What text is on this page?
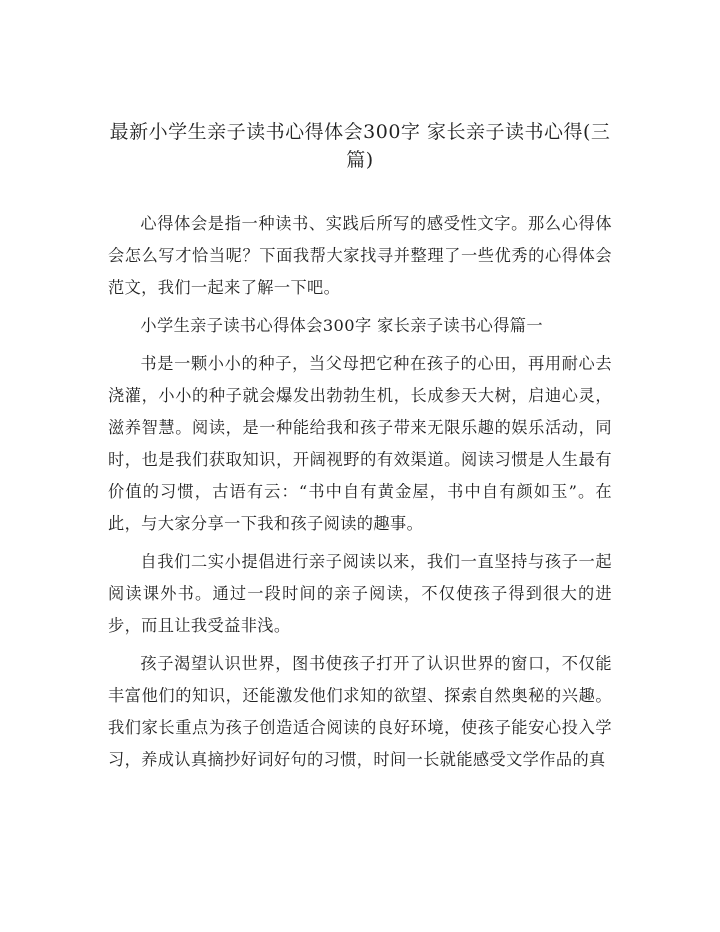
最新小学生亲子读书心得体会300字 家长亲子读书心得(三篇)

心得体会是指一种读书、实践后所写的感受性文字。那么心得体会怎么写才恰当呢？下面我帮大家找寻并整理了一些优秀的心得体会范文，我们一起来了解一下吧。

小学生亲子读书心得体会300字 家长亲子读书心得篇一

书是一颗小小的种子，当父母把它种在孩子的心田，再用耐心去浇灌，小小的种子就会爆发出勃勃生机，长成参天大树，启迪心灵，滋养智慧。阅读，是一种能给我和孩子带来无限乐趣的娱乐活动，同时，也是我们获取知识，开阔视野的有效渠道。阅读习惯是人生最有价值的习惯，古语有云：“书中自有黄金屋，书中自有颜如玉”。在此，与大家分享一下我和孩子阅读的趣事。

自我们二实小提倡进行亲子阅读以来，我们一直坚持与孩子一起阅读课外书。通过一段时间的亲子阅读，不仅使孩子得到很大的进步，而且让我受益非浅。

孩子渴望认识世界，图书使孩子打开了认识世界的窗口，不仅能丰富他们的知识，还能激发他们求知的欲望、探索自然奥秘的兴趣。我们家长重点为孩子创造适合阅读的良好环境，使孩子能安心投入学习，养成认真摘抄好词好句的习惯，时间一长就能感受文学作品的真
